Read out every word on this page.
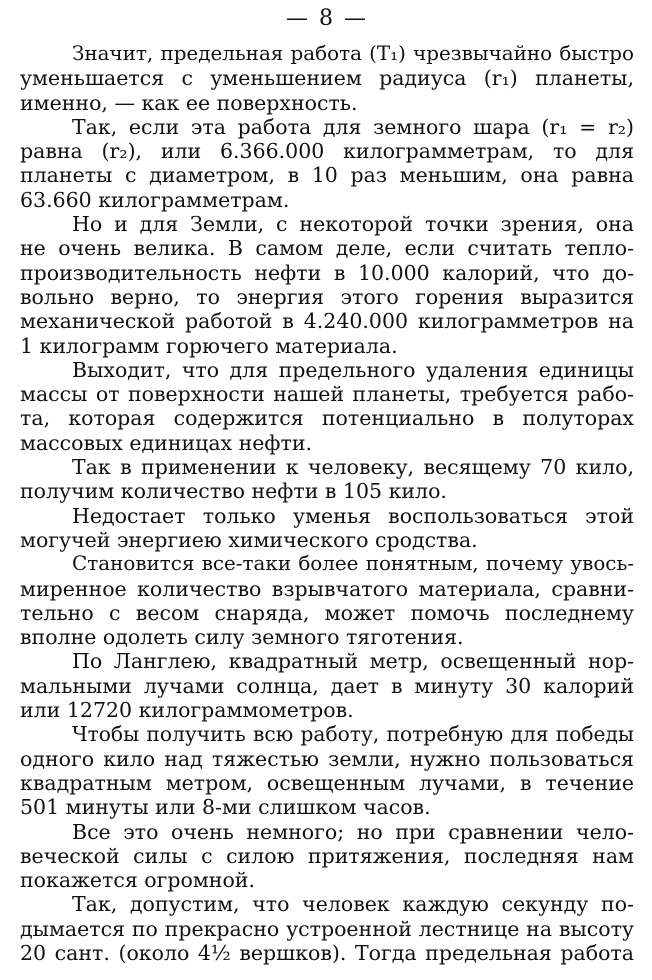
— 8 —
Значит, предельная работа (T₁) чрезвычайно быстро
уменьшается с уменьшением радиуса (r₁) планеты,
именно, — как ее поверхность.
Так, если эта работа для земного шара (r₁ = r₂)
равна (r₂), или 6.366.000 килограмметрам, то для
планеты с диаметром, в 10 раз меньшим, она равна
63.660 килограмметрам.
Но и для Земли, с некоторой точки зрения, она
не очень велика. В самом деле, если считать тепло-
производительность нефти в 10.000 калорий, что до-
вольно верно, то энергия этого горения выразится
механической работой в 4.240.000 килограмметров на
1 килограмм горючего материала.
Выходит, что для предельного удаления единицы
массы от поверхности нашей планеты, требуется рабо-
та, которая содержится потенциально в полуторах
массовых единицах нефти.
Так в применении к человеку, весящему 70 кило,
получим количество нефти в 105 кило.
Недостает только уменья воспользоваться этой
могучей энергиею химического сродства.
Становится все-таки более понятным, почему увось-
миренное количество взрывчатого материала, сравни-
тельно с весом снаряда, может помочь последнему
вполне одолеть силу земного тяготения.
По Ланглею, квадратный метр, освещенный нор-
мальными лучами солнца, дает в минуту 30 калорий
или 12720 килограммометров.
Чтобы получить всю работу, потребную для победы
одного кило над тяжестью земли, нужно пользоваться
квадратным метром, освещенным лучами, в течение
501 минуты или 8-ми слишком часов.
Все это очень немного; но при сравнении чело-
веческой силы с силою притяжения, последняя нам
покажется огромной.
Так, допустим, что человек каждую секунду по-
дымается по прекрасно устроенной лестнице на высоту
20 сант. (около 4½ вершков). Тогда предельная работа
